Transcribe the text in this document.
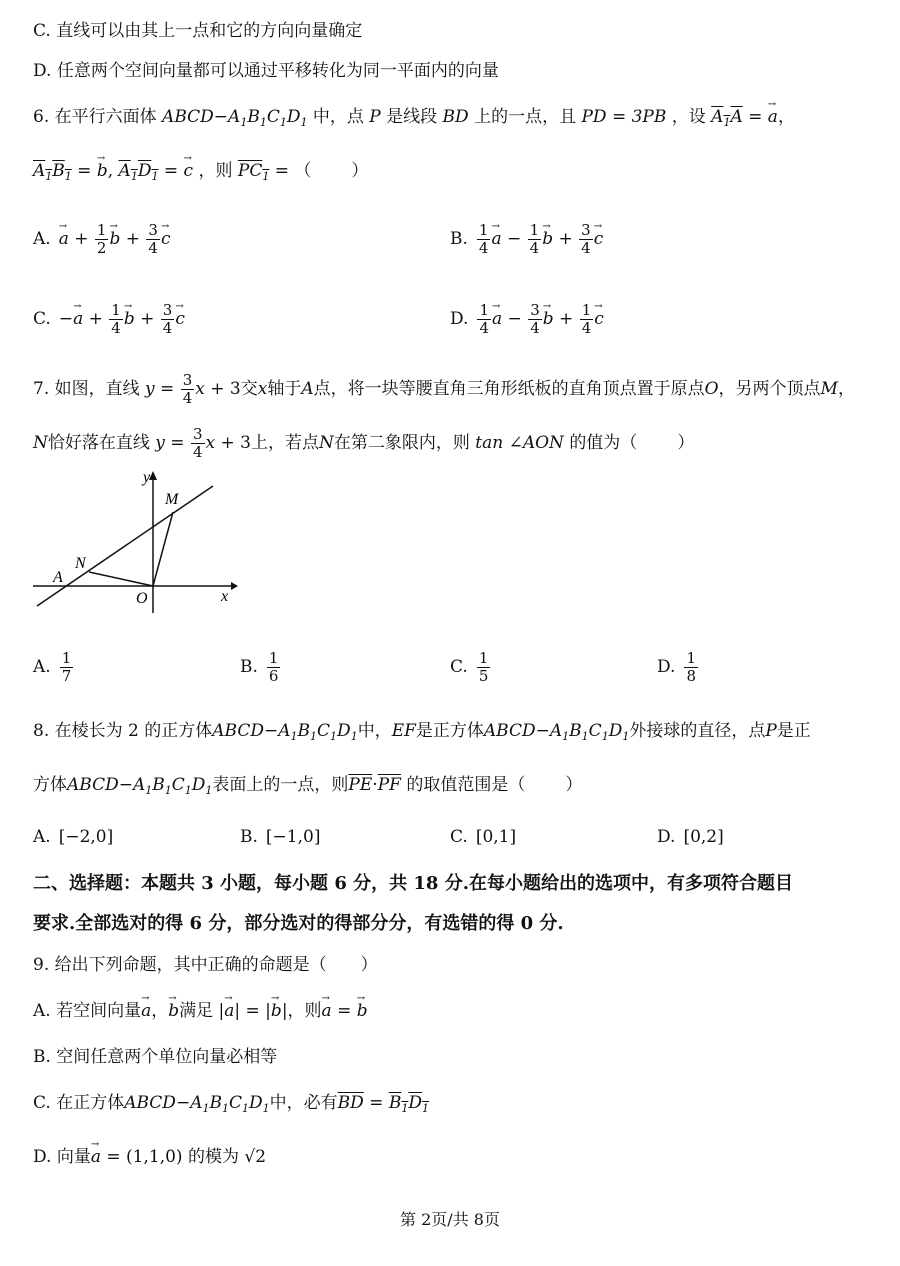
C. 直线可以由其上一点和它的方向向量确定
D. 任意两个空间向量都可以通过平移转化为同一平面内的向量
6. 在平行六面体 $ABCD-A_1B_1C_1D_1$ 中，点 P 是线段 BD 上的一点，且 PD = 3PB ，设 $A_1A$ = → a，
$A_1B_1$ = → b, $A_1D_1$ = → c ，则 $PC_1$ = （ ）
A. → $a + \frac{1}{2} \to b + \frac{3}{4} \to c$	B. $\frac{1}{4} \to a - \frac{1}{4} \to b + \frac{3}{4} \to c$
C. −→ $a + \frac{1}{4} \to b + \frac{3}{4} \to c$	D. $\frac{1}{4} \to a - \frac{3}{4} \to b + \frac{1}{4} \to c$
7. 如图，直线 $y = \frac{3}{4}$ x + 3交x轴于A点，将一块等腰直角三角形纸板的直角顶点置于原点O，另两个顶点M，
N恰好落在直线 $y = \frac{3}{4}$ x + 3上，若点N在第二象限内，则 tan ∠AON 的值为（ ）
y
M
N
A
O	x
A. $\frac{1}{7}$	B. $\frac{1}{6}$	C. $\frac{1}{5}$	D. $\frac{1}{8}$
8. 在棱长为 2 的正方体$ABCD-A_1B_1C_1D_1$中，EF是正方体$ABCD-A_1B_1C_1D_1$外接球的直径，点P是正
方体$ABCD-A_1B_1C_1D_1$表面上的一点，则$\overline{PE}\cdot\overline{PF}$ 的取值范围是（ ）
A. [−2,0]	B. [−1,0]	C. [0,1]	D. [0,2]
二、选择题：本题共 3 小题，每小题 6 分，共 18 分.在每小题给出的选项中，有多项符合题目
要求.全部选对的得 6 分，部分选对的得部分分，有选错的得 0 分.
9. 给出下列命题，其中正确的命题是（　　）
A. 若空间向量→ a，→ b满足 |→ a| = |→ b|，则→ a = → b
B. 空间任意两个单位向量必相等
C. 在正方体$ABCD-A_1B_1C_1D_1$中，必有$\overline{BD} = B_1D_1$
D. 向量→ a = (1,1,0) 的模为 √2
第 2页/共 8页
